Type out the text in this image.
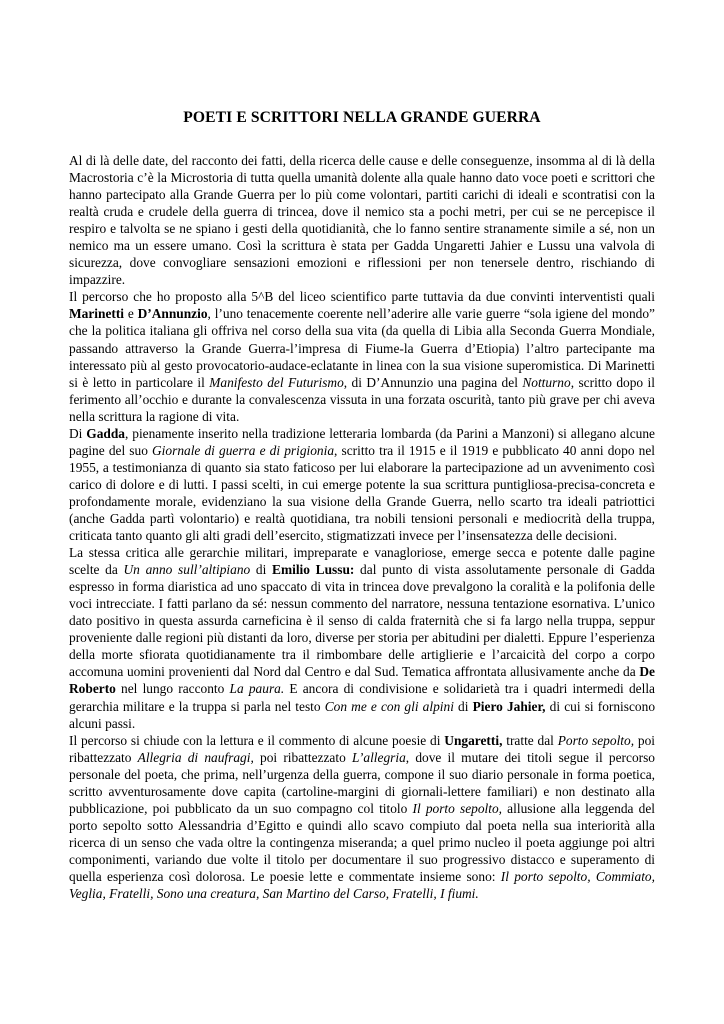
POETI E SCRITTORI NELLA GRANDE GUERRA

Al di là delle date, del racconto dei fatti, della ricerca delle cause e delle conseguenze, insomma al di là della Macrostoria c’è la Microstoria di tutta quella umanità dolente alla quale hanno dato voce poeti e scrittori che hanno partecipato alla Grande Guerra per lo più come volontari, partiti carichi di ideali e scontratisi con la realtà cruda e crudele della guerra di trincea, dove il nemico sta a pochi metri, per cui se ne percepisce il respiro e talvolta se ne spiano i gesti della quotidianità, che lo fanno sentire stranamente simile a sé, non un nemico ma un essere umano. Così la scrittura è stata per Gadda Ungaretti Jahier e Lussu una valvola di sicurezza, dove convogliare sensazioni emozioni e riflessioni per non tenersele dentro, rischiando di impazzire.

Il percorso che ho proposto alla 5^B del liceo scientifico parte tuttavia da due convinti interventisti quali Marinetti e D’Annunzio, l’uno tenacemente coerente nell’aderire alle varie guerre “sola igiene del mondo” che la politica italiana gli offriva nel corso della sua vita (da quella di Libia alla Seconda Guerra Mondiale, passando attraverso la Grande Guerra-l’impresa di Fiume-la Guerra d’Etiopia) l’altro partecipante ma interessato più al gesto provocatorio-audace-eclatante in linea con la sua visione superomistica. Di Marinetti si è letto in particolare il Manifesto del Futurismo, di D’Annunzio una pagina del Notturno, scritto dopo il ferimento all’occhio e durante la convalescenza vissuta in una forzata oscurità, tanto più grave per chi aveva nella scrittura la ragione di vita.

Di Gadda, pienamente inserito nella tradizione letteraria lombarda (da Parini a Manzoni) si allegano alcune pagine del suo Giornale di guerra e di prigionia, scritto tra il 1915 e il 1919 e pubblicato 40 anni dopo nel 1955, a testimonianza di quanto sia stato faticoso per lui elaborare la partecipazione ad un avvenimento così carico di dolore e di lutti. I passi scelti, in cui emerge potente la sua scrittura puntigliosa-precisa-concreta e profondamente morale, evidenziano la sua visione della Grande Guerra, nello scarto tra ideali patriottici (anche Gadda partì volontario) e realtà quotidiana, tra nobili tensioni personali e mediocrità della truppa, criticata tanto quanto gli alti gradi dell’esercito, stigmatizzati invece per l’insensatezza delle decisioni.

La stessa critica alle gerarchie militari, impreparate e vanagloriose, emerge secca e potente dalle pagine scelte da Un anno sull’altipiano di Emilio Lussu: dal punto di vista assolutamente personale di Gadda espresso in forma diaristica ad uno spaccato di vita in trincea dove prevalgono la coralità e la polifonia delle voci intrecciate. I fatti parlano da sé: nessun commento del narratore, nessuna tentazione esornativa. L’unico dato positivo in questa assurda carneficina è il senso di calda fraternità che si fa largo nella truppa, seppur proveniente dalle regioni più distanti da loro, diverse per storia per abitudini per dialetti. Eppure l’esperienza della morte sfiorata quotidianamente tra il rimbombare delle artiglierie e l’arcaicità del corpo a corpo accomuna uomini provenienti dal Nord dal Centro e dal Sud. Tematica affrontata allusivamente anche da De Roberto nel lungo racconto La paura. E ancora di condivisione e solidarietà tra i quadri intermedi della gerarchia militare e la truppa si parla nel testo Con me e con gli alpini di Piero Jahier, di cui si forniscono alcuni passi.

Il percorso si chiude con la lettura e il commento di alcune poesie di Ungaretti, tratte dal Porto sepolto, poi ribattezzato Allegria di naufragi, poi ribattezzato L’allegria, dove il mutare dei titoli segue il percorso personale del poeta, che prima, nell’urgenza della guerra, compone il suo diario personale in forma poetica, scritto avventurosamente dove capita (cartoline-margini di giornali-lettere familiari) e non destinato alla pubblicazione, poi pubblicato da un suo compagno col titolo Il porto sepolto, allusione alla leggenda del porto sepolto sotto Alessandria d’Egitto e quindi allo scavo compiuto dal poeta nella sua interiorità alla ricerca di un senso che vada oltre la contingenza miseranda; a quel primo nucleo il poeta aggiunge poi altri componimenti, variando due volte il titolo per documentare il suo progressivo distacco e superamento di quella esperienza così dolorosa. Le poesie lette e commentate insieme sono: Il porto sepolto, Commiato, Veglia, Fratelli, Sono una creatura, San Martino del Carso, Fratelli, I fiumi.
